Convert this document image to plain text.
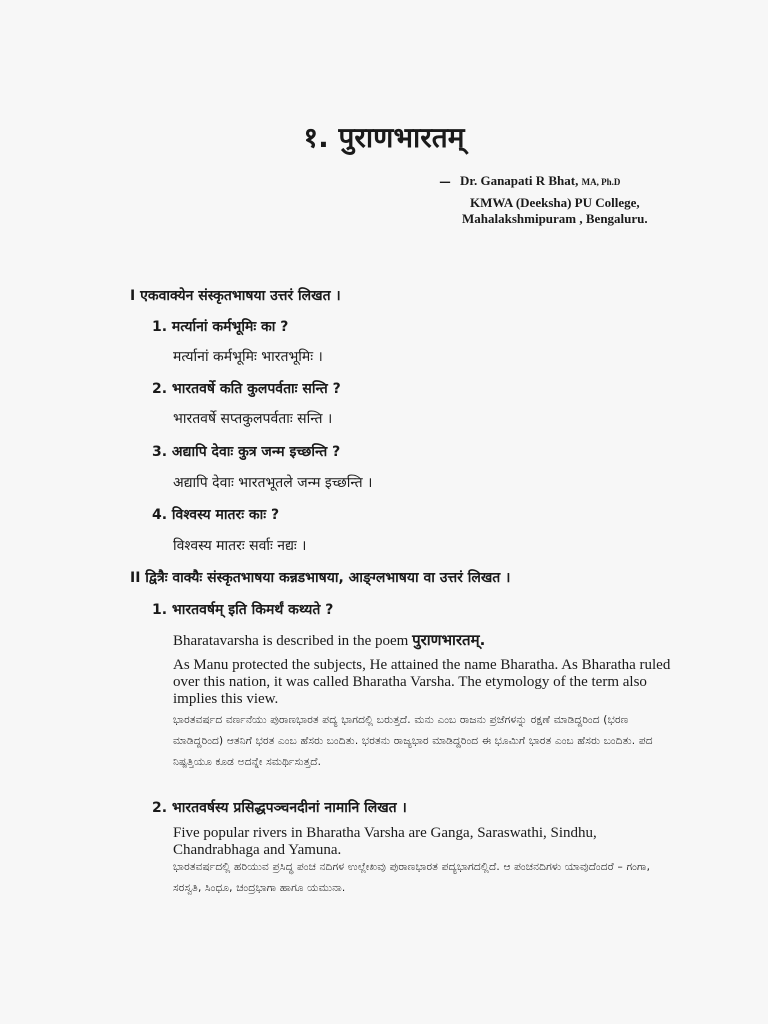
१. पुराणभारतम्
– Dr. Ganapati R Bhat, MA, Ph.D
KMWA (Deeksha) PU College,
Mahalakshmipuram , Bengaluru.
I एकवाक्येन संस्कृतभाषया उत्तरं लिखत ।
1. मर्त्यानां कर्मभूमिः का ?
मर्त्यानां कर्मभूमिः भारतभूमिः ।
2. भारतवर्षे कति कुलपर्वताः सन्ति ?
भारतवर्षे सप्तकुलपर्वताः सन्ति ।
3. अद्यापि देवाः कुत्र जन्म इच्छन्ति ?
अद्यापि देवाः भारतभूतले जन्म इच्छन्ति ।
4. विश्वस्य मातरः काः ?
विश्वस्य मातरः सर्वाः नद्यः ।
II द्वित्रैः वाक्यैः संस्कृतभाषया कन्नडभाषया, आङ्ग्लभाषया वा उत्तरं लिखत ।
1. भारतवर्षम् इति किमर्थं कथ्यते ?
Bharatavarsha is described in the poem पुराणभारतम्.
As Manu protected the subjects, He attained the name Bharatha. As Bharatha ruled over this nation, it was called Bharatha Varsha. The etymology of the term also implies this view.
ಭಾರತವರ್ಷದ ವರ್ಣನೆಯು ಪುರಾಣಭಾರತ ಪದ್ಯ ಭಾಗದಲ್ಲಿ ಬರುತ್ತದೆ. ಮನು ಎಂಬ ರಾಜನು ಪ್ರಜೆಗಳನ್ನು ರಕ್ಷಣೆ ಮಾಡಿದ್ದರಿಂದ (ಭರಣ ಮಾಡಿದ್ದರಿಂದ) ಆತನಿಗೆ ಭರತ ಎಂಬ ಹೆಸರು ಬಂದಿತು. ಭರತನು ರಾಜ್ಯಭಾರ ಮಾಡಿದ್ದರಿಂದ ಈ ಭೂಮಿಗೆ ಭಾರತ ಎಂಬ ಹೆಸರು ಬಂದಿತು. ಪದ ನಿಷ್ಪತ್ತಿಯೂ ಕೂಡ ಅದನ್ನೇ ಸಮರ್ಥಿಸುತ್ತದೆ.
2. भारतवर्षस्य प्रसिद्धपञ्चनदीनां नामानि लिखत ।
Five popular rivers in Bharatha Varsha are Ganga, Saraswathi, Sindhu, Chandrabhaga and Yamuna.
ಭಾರತವರ್ಷದಲ್ಲಿ ಹರಿಯುವ ಪ್ರಸಿದ್ಧ ಪಂಚ ನದಿಗಳ ಉಲ್ಲೇಖವು ಪುರಾಣಭಾರತ ಪದ್ಯಭಾಗದಲ್ಲಿದೆ. ಆ ಪಂಚನದಿಗಳು ಯಾವುದೆಂದರೆ – ಗಂಗಾ, ಸರಸ್ವತಿ, ಸಿಂಧೂ, ಚಂದ್ರಭಾಗಾ ಹಾಗೂ ಯಮುನಾ.
